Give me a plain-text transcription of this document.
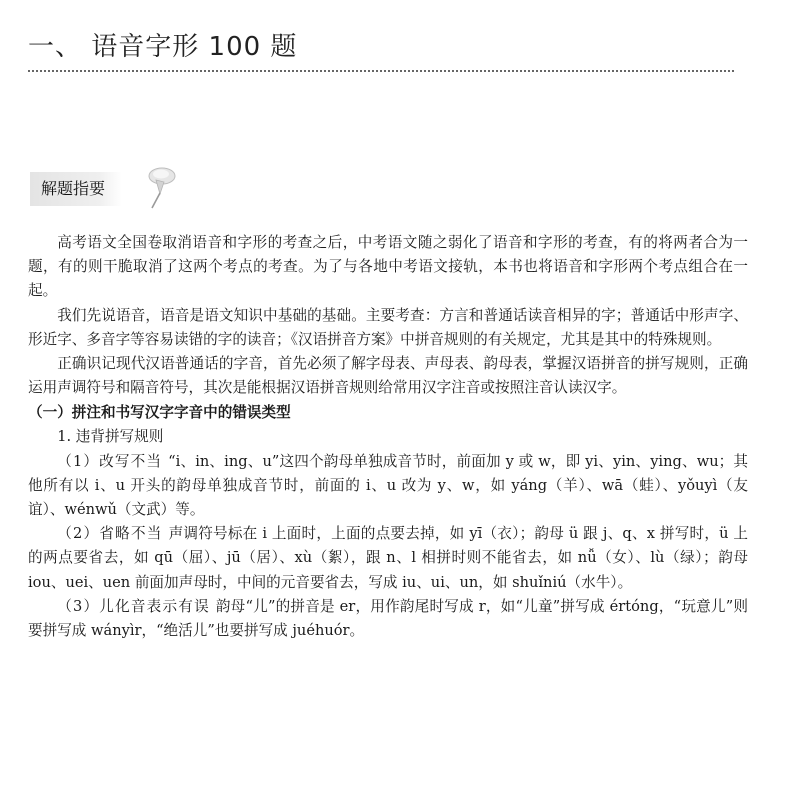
一、 语音字形 100 题
解题指要

高考语文全国卷取消语音和字形的考查之后，中考语文随之弱化了语音和字形的考查，有的将两者合为一题，有的则干脆取消了这两个考点的考查。为了与各地中考语文接轨，本书也将语音和字形两个考点组合在一起。

我们先说语音，语音是语文知识中基础的基础。主要考查：方言和普通话读音相异的字；普通话中形声字、形近字、多音字等容易读错的字的读音；《汉语拼音方案》中拼音规则的有关规定，尤其是其中的特殊规则。

正确识记现代汉语普通话的字音，首先必须了解字母表、声母表、韵母表，掌握汉语拼音的拼写规则，正确运用声调符号和隔音符号，其次是能根据汉语拼音规则给常用汉字注音或按照注音认读汉字。

（一）拼注和书写汉字字音中的错误类型

1. 违背拼写规则

（1）改写不当 “i、in、ing、u”这四个韵母单独成音节时，前面加 y 或 w，即 yi、yin、ying、wu；其他所有以 i、u 开头的韵母单独成音节时，前面的 i、u 改为 y、w，如 yáng（羊）、wā（蛙）、yǒuyì（友谊）、wénwǔ（文武）等。

（2）省略不当 声调符号标在 i 上面时，上面的点要去掉，如 yī（衣）；韵母 ü 跟 j、q、x 拼写时，ü 上的两点要省去，如 qū（屈）、jū（居）、xù（絮），跟 n、l 相拼时则不能省去，如 nǚ（女）、lù（绿）；韵母 iou、uei、uen 前面加声母时，中间的元音要省去，写成 iu、ui、un，如 shuǐniú（水牛）。

（3）儿化音表示有误 韵母“儿”的拼音是 er，用作韵尾时写成 r，如“儿童”拼写成 értóng，“玩意儿”则要拼写成 wányìr，“绝活儿”也要拼写成 juéhuór。
